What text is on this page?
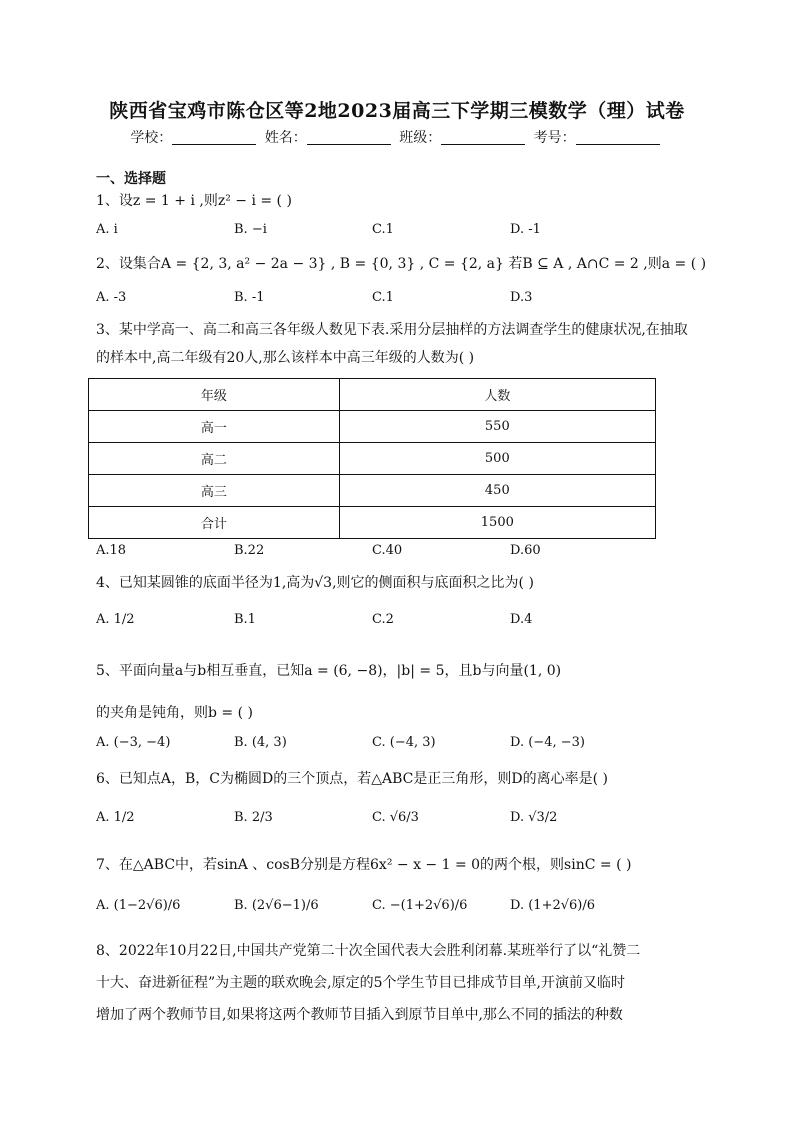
陕西省宝鸡市陈仓区等2地2023届高三下学期三模数学（理）试卷
学校：	姓名：	班级：	考号：
一、选择题
1、设z = 1 + i ,则z² − i = ( )
A. i	B. −i	C.1	D. -1
2、设集合A = {2, 3, a² − 2a − 3} , B = {0, 3} , C = {2, a} 若B ⊆ A , A∩C = 2 ,则a = ( )
A. -3	B. -1	C.1	D.3
3、某中学高一、高二和高三各年级人数见下表.采用分层抽样的方法调查学生的健康状况,在抽取的样本中,高二年级有20人,那么该样本中高三年级的人数为( )
年级	人数
高一	550
高二	500
高三	450
合计	1500
A.18	B.22	C.40	D.60
4、已知某圆锥的底面半径为1,高为√3,则它的侧面积与底面积之比为( )
A. 1/2	B.1	C.2	D.4
5、平面向量a与b相互垂直，已知a = (6, −8)，|b| = 5，且b与向量(1, 0)
的夹角是钝角，则b = ( )
A. (−3, −4)	B. (4, 3)	C. (−4, 3)	D. (−4, −3)
6、已知点A，B，C为椭圆D的三个顶点，若△ABC是正三角形，则D的离心率是( )
A. 1/2	B. 2/3	C. √6/3	D. √3/2
7、在△ABC中，若sinA 、cosB分别是方程6x² − x − 1 = 0的两个根，则sinC = ( )
A. (1−2√6)/6	B. (2√6−1)/6	C. −(1+2√6)/6	D. (1+2√6)/6
8、2022年10月22日,中国共产党第二十次全国代表大会胜利闭幕.某班举行了以“礼赞二
十大、奋进新征程”为主题的联欢晚会,原定的5个学生节目已排成节目单,开演前又临时
增加了两个教师节目,如果将这两个教师节目插入到原节目单中,那么不同的插法的种数
